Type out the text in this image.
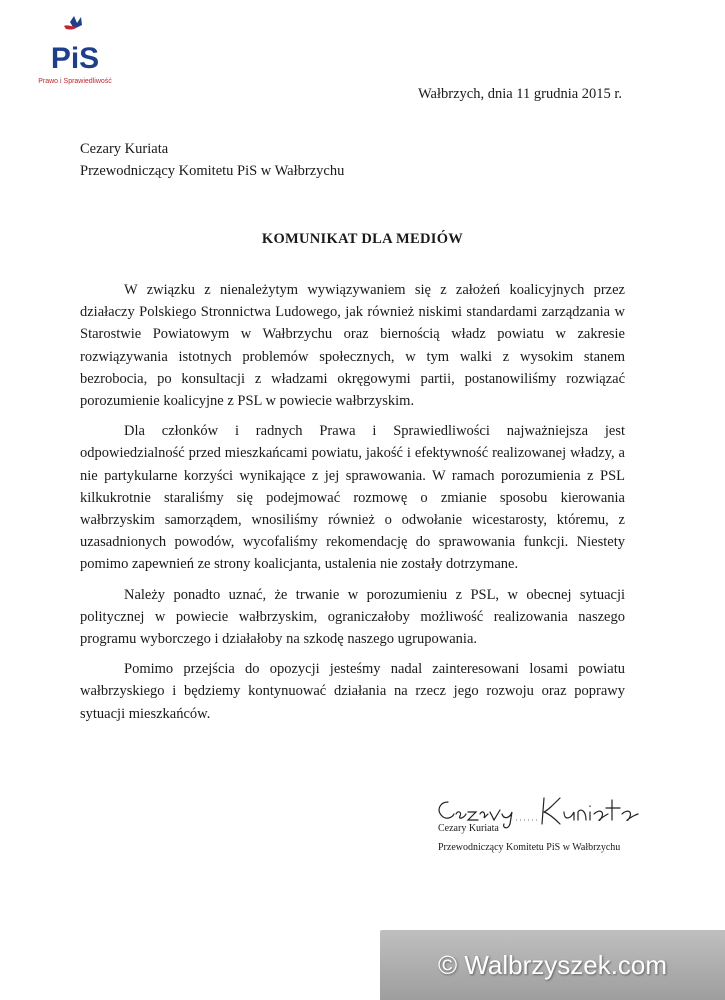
PiS
Prawo i Sprawiedliwość
Wałbrzych, dnia 11 grudnia 2015 r.
Cezary Kuriata
Przewodniczący Komitetu PiS w Wałbrzychu
KOMUNIKAT DLA MEDIÓW

W związku z nienależytym wywiązywaniem się z założeń koalicyjnych przez działaczy Polskiego Stronnictwa Ludowego, jak również niskimi standardami zarządzania w Starostwie Powiatowym w Wałbrzychu oraz biernością władz powiatu w zakresie rozwiązywania istotnych problemów społecznych, w tym walki z wysokim stanem bezrobocia, po konsultacji z władzami okręgowymi partii, postanowiliśmy rozwiązać porozumienie koalicyjne z PSL w powiecie wałbrzyskim.

Dla członków i radnych Prawa i Sprawiedliwości najważniejsza jest odpowiedzialność przed mieszkańcami powiatu, jakość i efektywność realizowanej władzy, a nie partykularne korzyści wynikające z jej sprawowania. W ramach porozumienia z PSL kilkukrotnie staraliśmy się podejmować rozmowę o zmianie sposobu kierowania wałbrzyskim samorządem, wnosiliśmy również o odwołanie wicestarosty, któremu, z uzasadnionych powodów, wycofaliśmy rekomendację do sprawowania funkcji. Niestety pomimo zapewnień ze strony koalicjanta, ustalenia nie zostały dotrzymane.

Należy ponadto uznać, że trwanie w porozumieniu z PSL, w obecnej sytuacji politycznej w powiecie wałbrzyskim, ograniczałoby możliwość realizowania naszego programu wyborczego i działałoby na szkodę naszego ugrupowania.

Pomimo przejścia do opozycji jesteśmy nadal zainteresowani losami powiatu wałbrzyskiego i będziemy kontynuować działania na rzecz jego rozwoju oraz poprawy sytuacji mieszkańców.

Cezary Kuriata
Przewodniczący Komitetu PiS w Wałbrzychu
© Walbrzyszek.com
